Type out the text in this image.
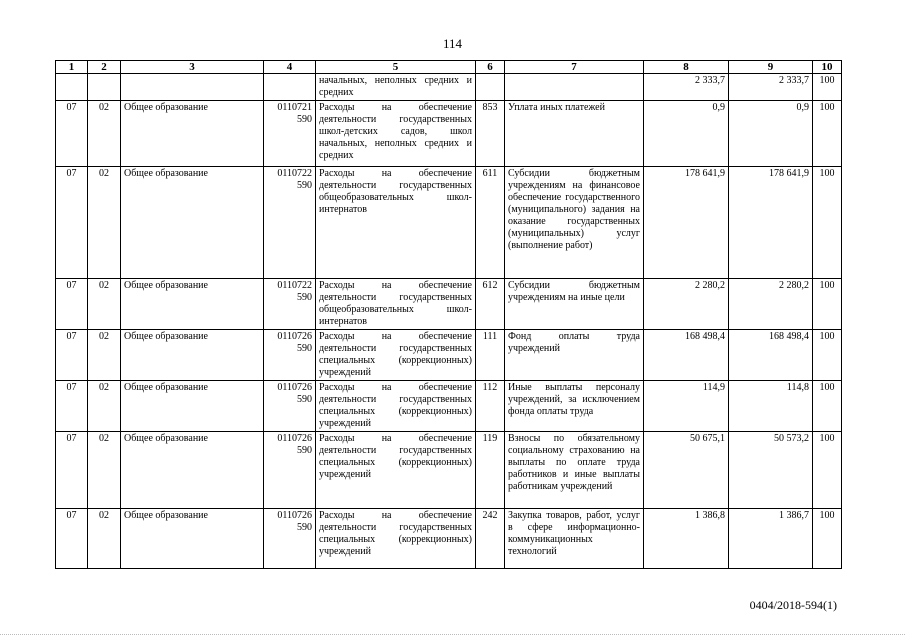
114
1	2	3	4	5	6	7	8	9	10
				начальных, неполных средних и средних			2 333,7	2 333,7	100
07	02	Общее образование	0110721 590	Расходы на обеспечение деятельности государственных школ-детских садов, школ начальных, неполных средних и средних	853	Уплата иных платежей	0,9	0,9	100
07	02	Общее образование	0110722 590	Расходы на обеспечение деятельности государственных общеобразовательных школ-интернатов	611	Субсидии бюджетным учреждениям на финансовое обеспечение государственного (муниципального) задания на оказание государственных (муниципальных) услуг (выполнение работ)	178 641,9	178 641,9	100
07	02	Общее образование	0110722 590	Расходы на обеспечение деятельности государственных общеобразовательных школ-интернатов	612	Субсидии бюджетным учреждениям на иные цели	2 280,2	2 280,2	100
07	02	Общее образование	0110726 590	Расходы на обеспечение деятельности государственных специальных (коррекционных) учреждений	111	Фонд оплаты труда учреждений	168 498,4	168 498,4	100
07	02	Общее образование	0110726 590	Расходы на обеспечение деятельности государственных специальных (коррекционных) учреждений	112	Иные выплаты персоналу учреждений, за исключением фонда оплаты труда	114,9	114,8	100
07	02	Общее образование	0110726 590	Расходы на обеспечение деятельности государственных специальных (коррекционных) учреждений	119	Взносы по обязательному социальному страхованию на выплаты по оплате труда работников и иные выплаты работникам учреждений	50 675,1	50 573,2	100
07	02	Общее образование	0110726 590	Расходы на обеспечение деятельности государственных специальных (коррекционных) учреждений	242	Закупка товаров, работ, услуг в сфере информационно-коммуникационных технологий	1 386,8	1 386,7	100
0404/2018-594(1)
